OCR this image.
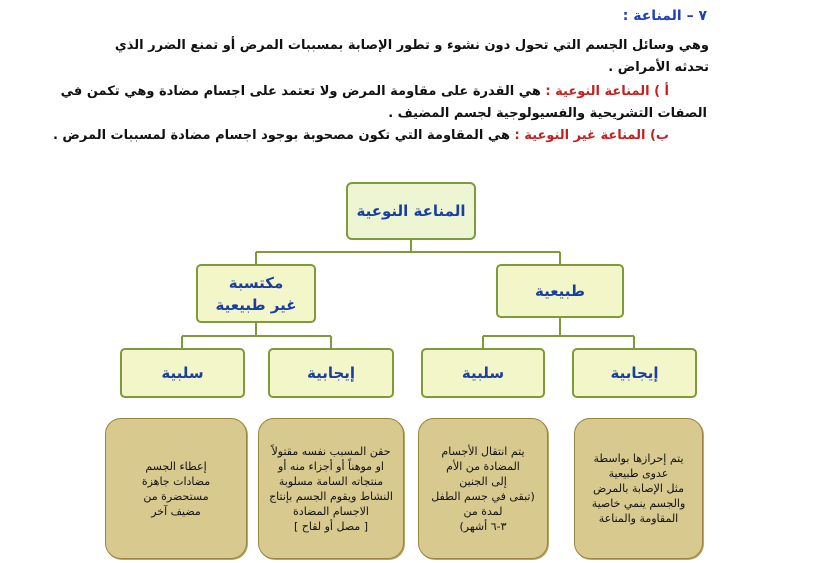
٧ – المناعة :
وهي وسائل الجسم التي تحول دون نشوء و تطور الإصابة بمسببات المرض أو تمنع الضرر الذي
تحدثه الأمراض .
أ ) المناعة النوعية : هي القدرة على مقاومة المرض ولا تعتمد على اجسام مضادة وهي تكمن في
الصفات التشريحية والفسيولوجية لجسم المضيف .
ب) المناعة غير النوعية : هي المقاومة التي تكون مصحوبة بوجود اجسام مضادة لمسببات المرض .
المناعة النوعية
مكتسبة
غير طبيعية
طبيعية
سلبية	إيجابية	سلبية	إيجابية
إعطاء الجسم
مضادات جاهزة
مستحضرة من
مضيف آخر
حقن المسبب نفسه مقتولاً
او موهناً أو أجزاء منه أو
منتجاته السامة مسلوبة
النشاط ويقوم الجسم بإنتاج
الاجسام المضادة
[ مصل أو لقاح ]
يتم انتقال الأجسام
المضادة من الأم
إلى الجنين
(تبقى في جسم الطفل
لمدة من
٣-٦ أشهر)
يتم إحرازها بواسطة
عدوى طبيعية
مثل الإصابة بالمرض
والجسم ينمي خاصية
المقاومة والمناعة
